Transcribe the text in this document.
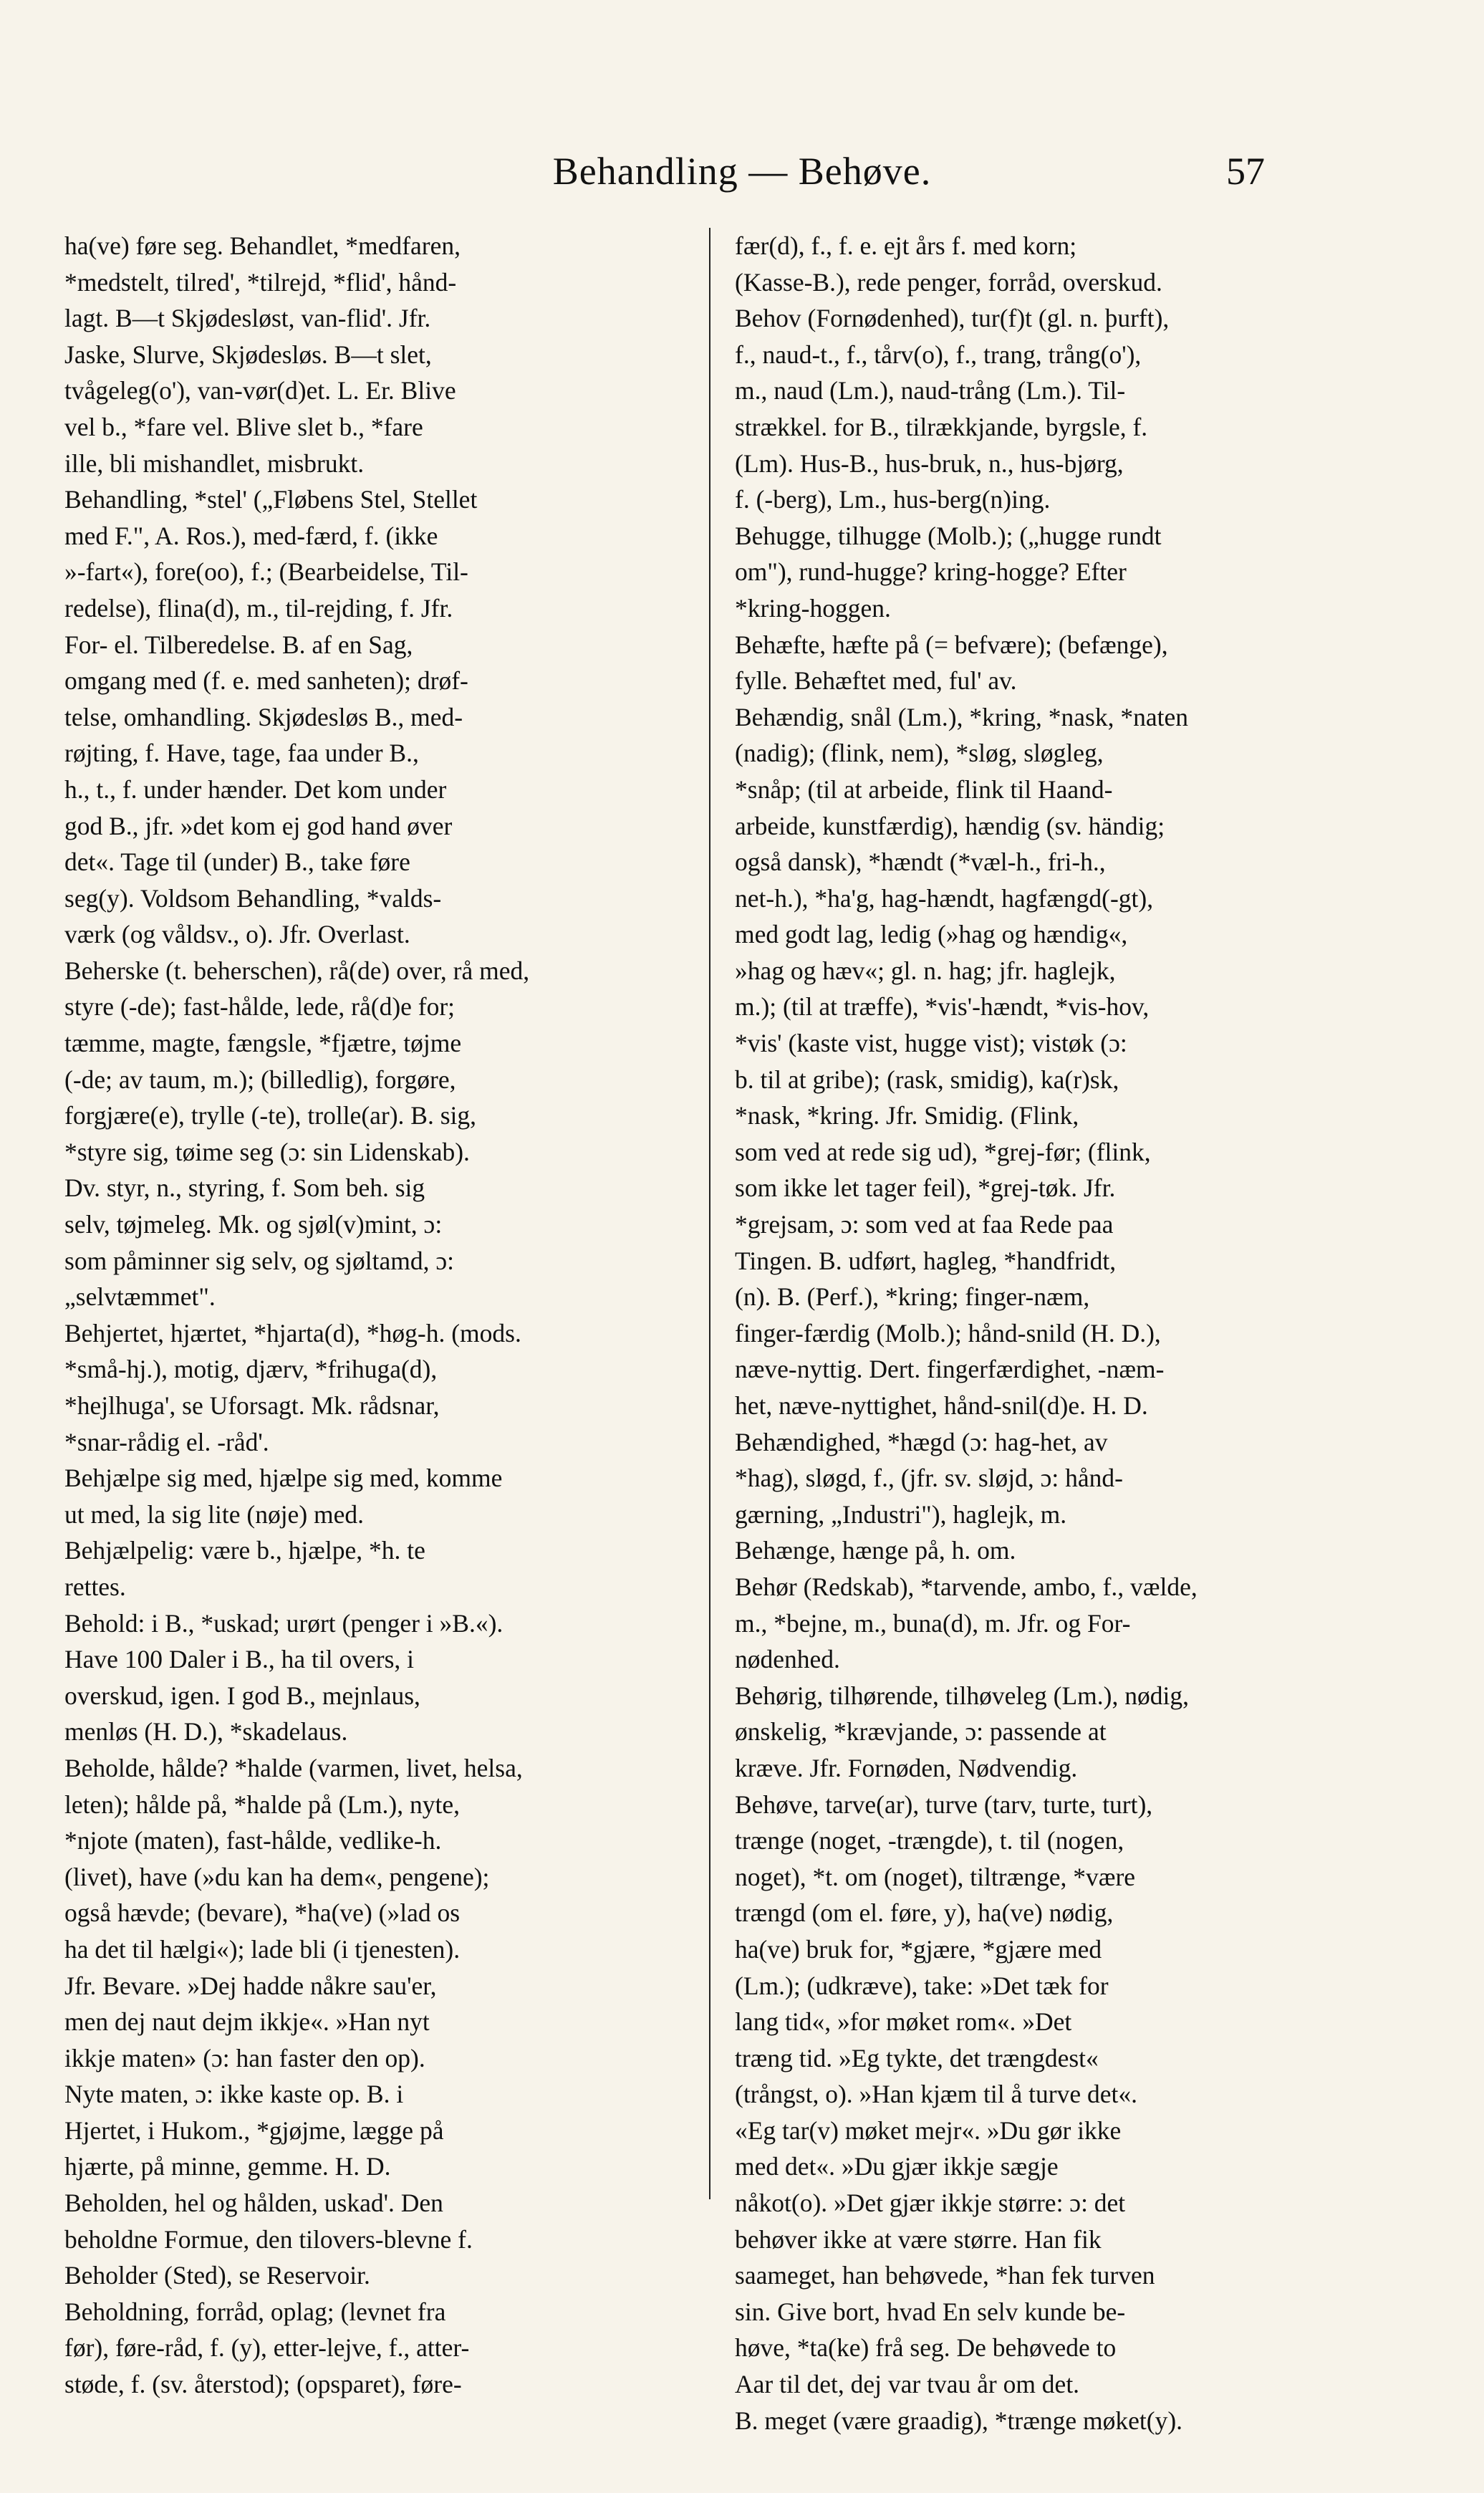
Behandling — Behøve.	57
ha(ve) føre seg. Behandlet, *medfaren,
*medstelt, tilred', *tilrejd, *flid', hånd-
lagt. B—t Skjødesløst, van-flid'. Jfr.
Jaske, Slurve, Skjødesløs. B—t slet,
tvågeleg(o'), van-vør(d)et. L. Er. Blive
vel b., *fare vel. Blive slet b., *fare
ille, bli mishandlet, misbrukt.
Behandling, *stel' („Fløbens Stel, Stellet
med F.", A. Ros.), med-færd, f. (ikke
»-fart«), fore(oo), f.; (Bearbeidelse, Til-
redelse), flina(d), m., til-rejding, f. Jfr.
For- el. Tilberedelse. B. af en Sag,
omgang med (f. e. med sanheten); drøf-
telse, omhandling. Skjødesløs B., med-
røjting, f. Have, tage, faa under B.,
h., t., f. under hænder. Det kom under
god B., jfr. »det kom ej god hand øver
det«. Tage til (under) B., take føre
seg(y). Voldsom Behandling, *valds-
værk (og våldsv., o). Jfr. Overlast.
Beherske (t. beherschen), rå(de) over, rå med,
styre (-de); fast-hålde, lede, rå(d)e for;
tæmme, magte, fængsle, *fjætre, tøjme
(-de; av taum, m.); (billedlig), forgøre,
forgjære(e), trylle (-te), trolle(ar). B. sig,
*styre sig, tøime seg (ɔ: sin Lidenskab).
Dv. styr, n., styring, f. Som beh. sig
selv, tøjmeleg. Mk. og sjøl(v)mint, ɔ:
som påminner sig selv, og sjøltamd, ɔ:
„selvtæmmet".
Behjertet, hjærtet, *hjarta(d), *høg-h. (mods.
*små-hj.), motig, djærv, *frihuga(d),
*hejlhuga', se Uforsagt. Mk. rådsnar,
*snar-rådig el. -råd'.
Behjælpe sig med, hjælpe sig med, komme
ut med, la sig lite (nøje) med.
Behjælpelig: være b., hjælpe, *h. te
rettes.
Behold: i B., *uskad; urørt (penger i »B.«).
Have 100 Daler i B., ha til overs, i
overskud, igen. I god B., mejnlaus,
menløs (H. D.), *skadelaus.
Beholde, hålde? *halde (varmen, livet, helsa,
leten); hålde på, *halde på (Lm.), nyte,
*njote (maten), fast-hålde, vedlike-h.
(livet), have (»du kan ha dem«, pengene);
også hævde; (bevare), *ha(ve) (»lad os
ha det til hælgi«); lade bli (i tjenesten).
Jfr. Bevare. »Dej hadde nåkre sau'er,
men dej naut dejm ikkje«. »Han nyt
ikkje maten» (ɔ: han faster den op).
Nyte maten, ɔ: ikke kaste op. B. i
Hjertet, i Hukom., *gjøjme, lægge på
hjærte, på minne, gemme. H. D.
Beholden, hel og hålden, uskad'. Den
beholdne Formue, den tilovers-blevne f.
Beholder (Sted), se Reservoir.
Beholdning, forråd, oplag; (levnet fra
før), føre-råd, f. (y), etter-lejve, f., atter-
støde, f. (sv. återstod); (opsparet), føre-
fær(d), f., f. e. ejt års f. med korn;
(Kasse-B.), rede penger, forråd, overskud.
Behov (Fornødenhed), tur(f)t (gl. n. þurft),
f., naud-t., f., tårv(o), f., trang, trång(o'),
m., naud (Lm.), naud-trång (Lm.). Til-
strækkel. for B., tilrækkjande, byrgsle, f.
(Lm). Hus-B., hus-bruk, n., hus-bjørg,
f. (-berg), Lm., hus-berg(n)ing.
Behugge, tilhugge (Molb.); („hugge rundt
om"), rund-hugge? kring-hogge? Efter
*kring-hoggen.
Behæfte, hæfte på (= befvære); (befænge),
fylle. Behæftet med, ful' av.
Behændig, snål (Lm.), *kring, *nask, *naten
(nadig); (flink, nem), *sløg, sløgleg,
*snåp; (til at arbeide, flink til Haand-
arbeide, kunstfærdig), hændig (sv. händig;
også dansk), *hændt (*væl-h., fri-h.,
net-h.), *ha'g, hag-hændt, hagfængd(-gt),
med godt lag, ledig (»hag og hændig«,
»hag og hæv«; gl. n. hag; jfr. haglejk,
m.); (til at træffe), *vis'-hændt, *vis-hov,
*vis' (kaste vist, hugge vist); vistøk (ɔ:
b. til at gribe); (rask, smidig), ka(r)sk,
*nask, *kring. Jfr. Smidig. (Flink,
som ved at rede sig ud), *grej-før; (flink,
som ikke let tager feil), *grej-tøk. Jfr.
*grejsam, ɔ: som ved at faa Rede paa
Tingen. B. udført, hagleg, *handfridt,
(n). B. (Perf.), *kring; finger-næm,
finger-færdig (Molb.); hånd-snild (H. D.),
næve-nyttig. Dert. fingerfærdighet, -næm-
het, næve-nyttighet, hånd-snil(d)e. H. D.
Behændighed, *hægd (ɔ: hag-het, av
*hag), sløgd, f., (jfr. sv. sløjd, ɔ: hånd-
gærning, „Industri"), haglejk, m.
Behænge, hænge på, h. om.
Behør (Redskab), *tarvende, ambo, f., vælde,
m., *bejne, m., buna(d), m. Jfr. og For-
nødenhed.
Behørig, tilhørende, tilhøveleg (Lm.), nødig,
ønskelig, *krævjande, ɔ: passende at
kræve. Jfr. Fornøden, Nødvendig.
Behøve, tarve(ar), turve (tarv, turte, turt),
trænge (noget, -trængde), t. til (nogen,
noget), *t. om (noget), tiltrænge, *være
trængd (om el. føre, y), ha(ve) nødig,
ha(ve) bruk for, *gjære, *gjære med
(Lm.); (udkræve), take: »Det tæk for
lang tid«, »for møket rom«. »Det
træng tid. »Eg tykte, det trængdest«
(trångst, o). »Han kjæm til å turve det«.
«Eg tar(v) møket mejr«. »Du gør ikke
med det«. »Du gjær ikkje sægje
nåkot(o). »Det gjær ikkje større: ɔ: det
behøver ikke at være større. Han fik
saameget, han behøvede, *han fek turven
sin. Give bort, hvad En selv kunde be-
høve, *ta(ke) frå seg. De behøvede to
Aar til det, dej var tvau år om det.
B. meget (være graadig), *trænge møket(y).
